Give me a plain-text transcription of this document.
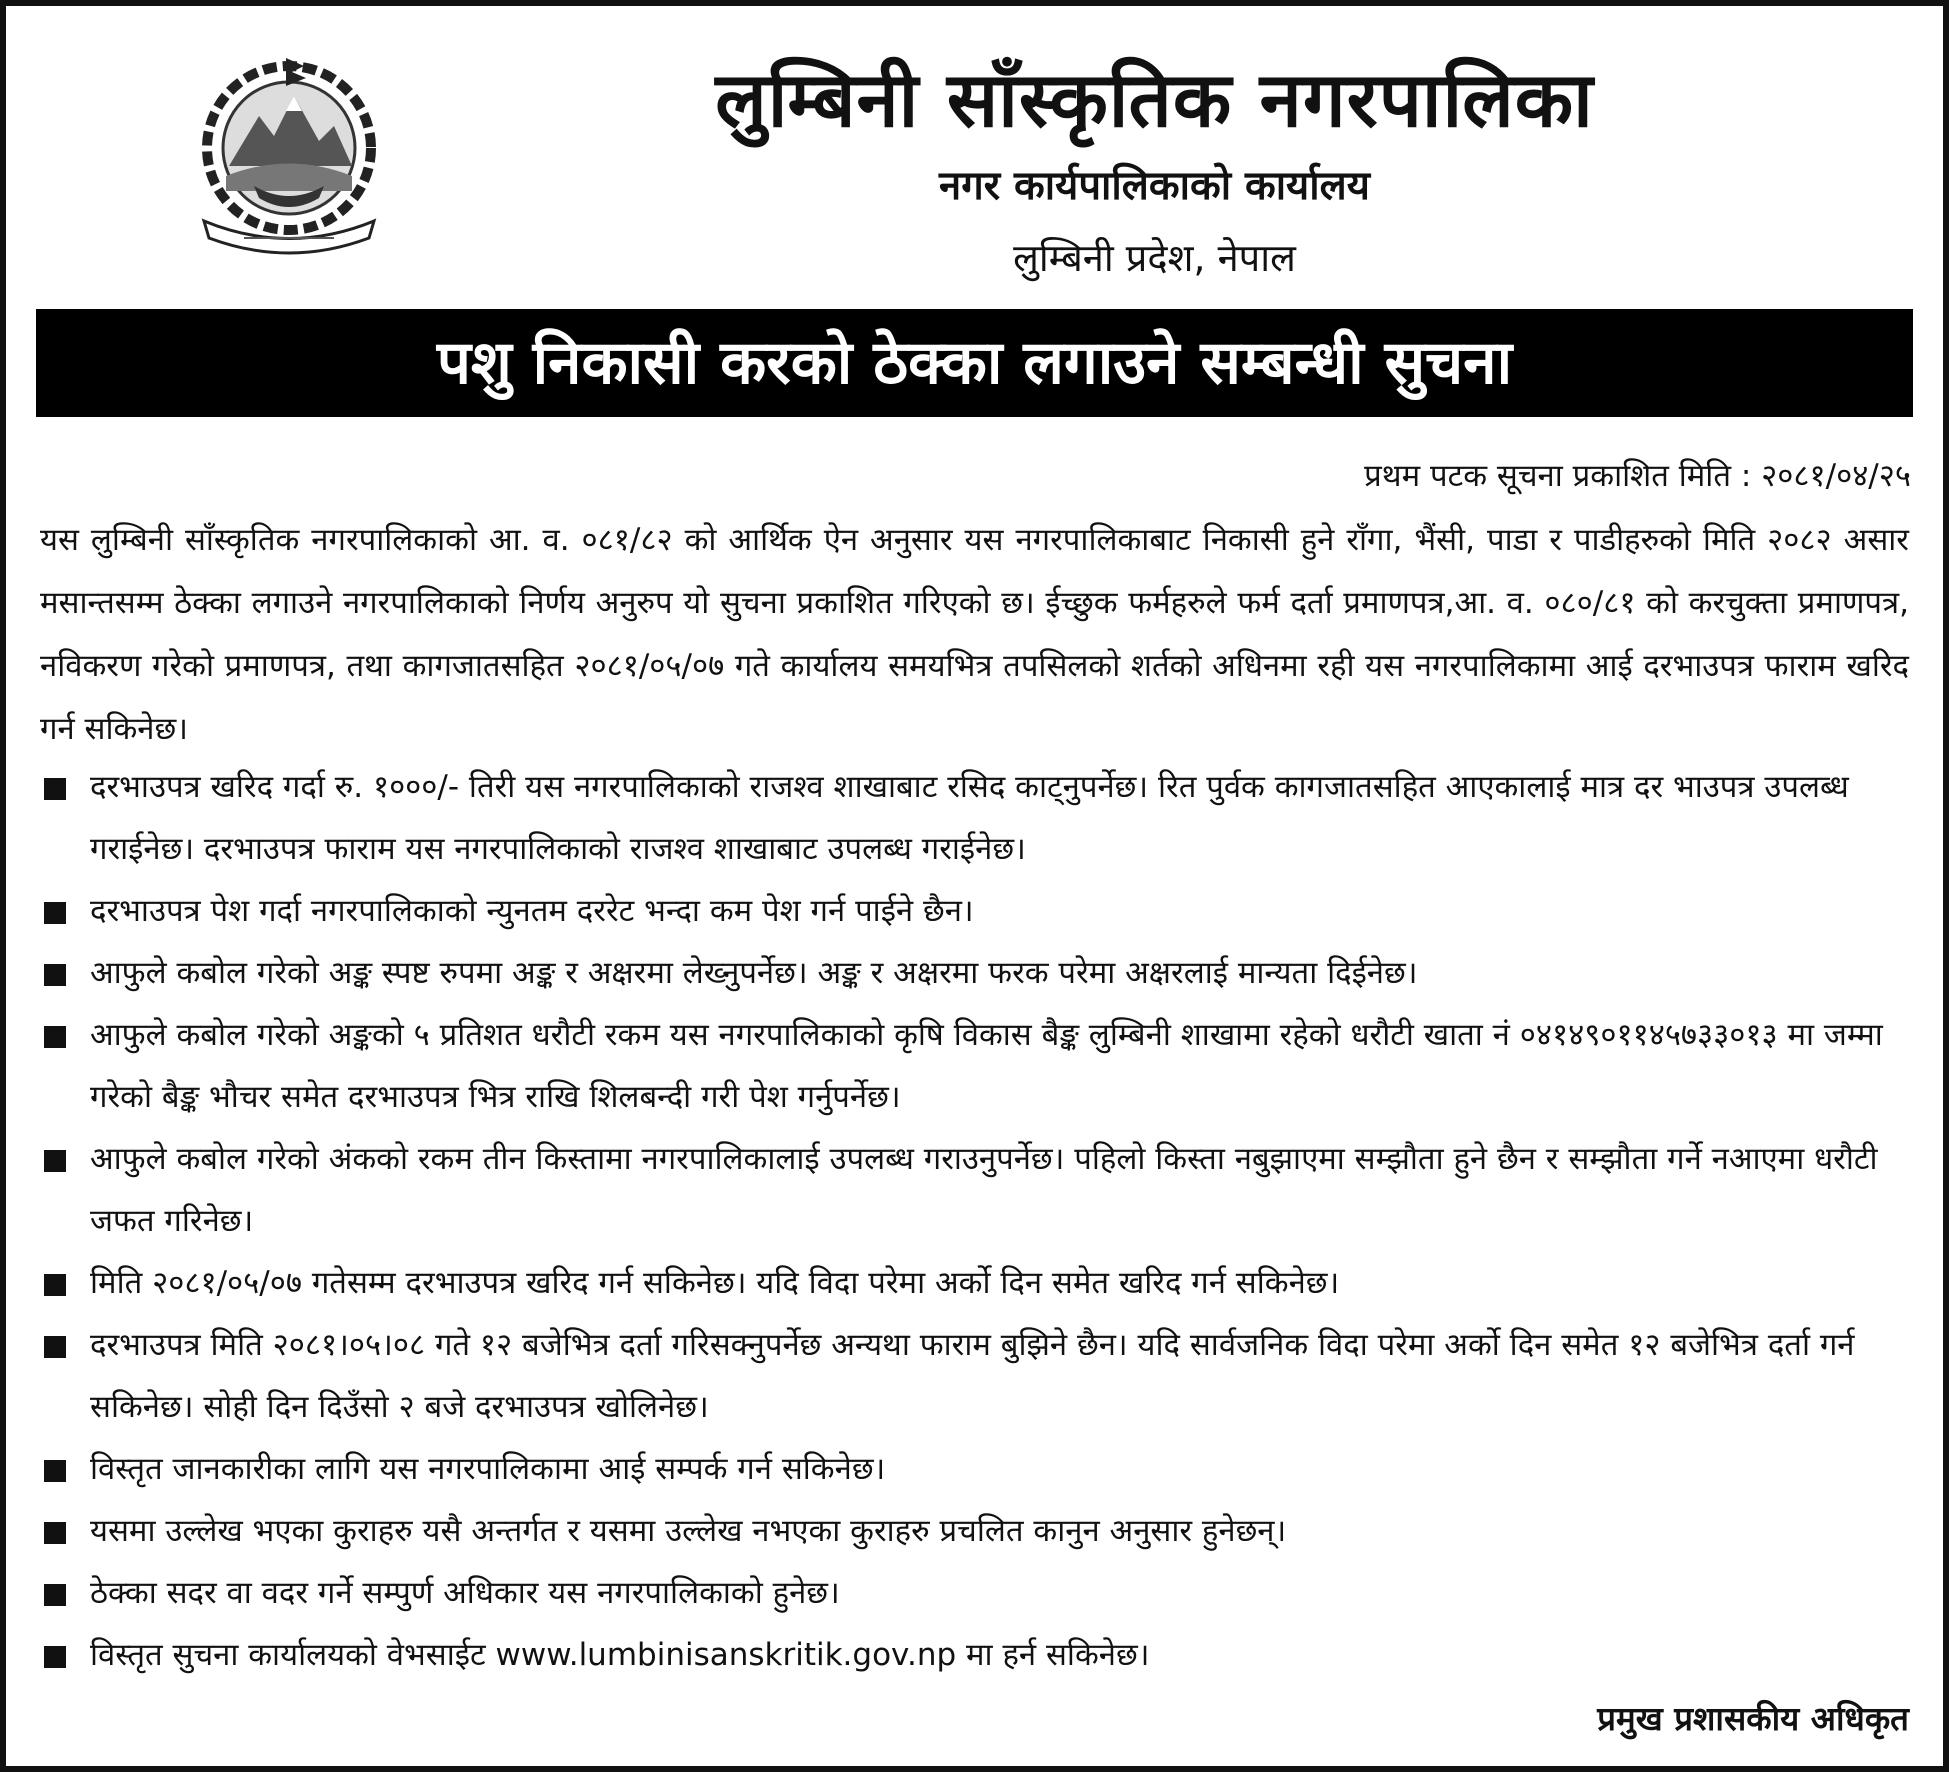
लुम्बिनी साँस्कृतिक नगरपालिका
नगर कार्यपालिकाको कार्यालय
लुम्बिनी प्रदेश, नेपाल
पशु निकासी करको ठेक्का लगाउने सम्बन्धी सुचना
प्रथम पटक सूचना प्रकाशित मिति : २०८१/०४/२५
यस लुम्बिनी साँस्कृतिक नगरपालिकाको आ. व. ०८१/८२ को आर्थिक ऐन अनुसार यस नगरपालिकाबाट निकासी हुने राँगा, भैंसी, पाडा र पाडीहरुको मिति २०८२ असार मसान्तसम्म ठेक्का लगाउने नगरपालिकाको निर्णय अनुरुप यो सुचना प्रकाशित गरिएको छ। ईच्छुक फर्महरुले फर्म दर्ता प्रमाणपत्र,आ. व. ०८०/८१ को करचुक्ता प्रमाणपत्र, नविकरण गरेको प्रमाणपत्र, तथा कागजातसहित २०८१/०५/०७ गते कार्यालय समयभित्र तपसिलको शर्तको अधिनमा रही यस नगरपालिकामा आई दरभाउपत्र फाराम खरिद गर्न सकिनेछ।
दरभाउपत्र खरिद गर्दा रु. १०००/- तिरी यस नगरपालिकाको राजश्व शाखाबाट रसिद काट्नुपर्नेछ। रित पुर्वक कागजातसहित आएकालाई मात्र दर भाउपत्र उपलब्ध गराईनेछ। दरभाउपत्र फाराम यस नगरपालिकाको राजश्व शाखाबाट उपलब्ध गराईनेछ।
दरभाउपत्र पेश गर्दा नगरपालिकाको न्युनतम दररेट भन्दा कम पेश गर्न पाईने छैन।
आफुले कबोल गरेको अङ्क स्पष्ट रुपमा अङ्क र अक्षरमा लेख्नुपर्नेछ। अङ्क र अक्षरमा फरक परेमा अक्षरलाई मान्यता दिईनेछ।
आफुले कबोल गरेको अङ्कको ५ प्रतिशत धरौटी रकम यस नगरपालिकाको कृषि विकास बैङ्क लुम्बिनी शाखामा रहेको धरौटी खाता नं ०४१४९०११४५७३३०१३ मा जम्मा गरेको बैङ्क भौचर समेत दरभाउपत्र भित्र राखि शिलबन्दी गरी पेश गर्नुपर्नेछ।
आफुले कबोल गरेको अंकको रकम तीन किस्तामा नगरपालिकालाई उपलब्ध गराउनुपर्नेछ। पहिलो किस्ता नबुझाएमा सम्झौता हुने छैन र सम्झौता गर्ने नआएमा धरौटी जफत गरिनेछ।
मिति २०८१/०५/०७ गतेसम्म दरभाउपत्र खरिद गर्न सकिनेछ। यदि विदा परेमा अर्को दिन समेत खरिद गर्न सकिनेछ।
दरभाउपत्र मिति २०८१।०५।०८ गते १२ बजेभित्र दर्ता गरिसक्नुपर्नेछ अन्यथा फाराम बुझिने छैन। यदि सार्वजनिक विदा परेमा अर्को दिन समेत १२ बजेभित्र दर्ता गर्न सकिनेछ। सोही दिन दिउँसो २ बजे दरभाउपत्र खोलिनेछ।
विस्तृत जानकारीका लागि यस नगरपालिकामा आई सम्पर्क गर्न सकिनेछ।
यसमा उल्लेख भएका कुराहरु यसै अन्तर्गत र यसमा उल्लेख नभएका कुराहरु प्रचलित कानुन अनुसार हुनेछन्।
ठेक्का सदर वा वदर गर्ने सम्पुर्ण अधिकार यस नगरपालिकाको हुनेछ।
विस्तृत सुचना कार्यालयको वेभसाईट www.lumbinisanskritik.gov.np मा हर्न सकिनेछ।
प्रमुख प्रशासकीय अधिकृत
